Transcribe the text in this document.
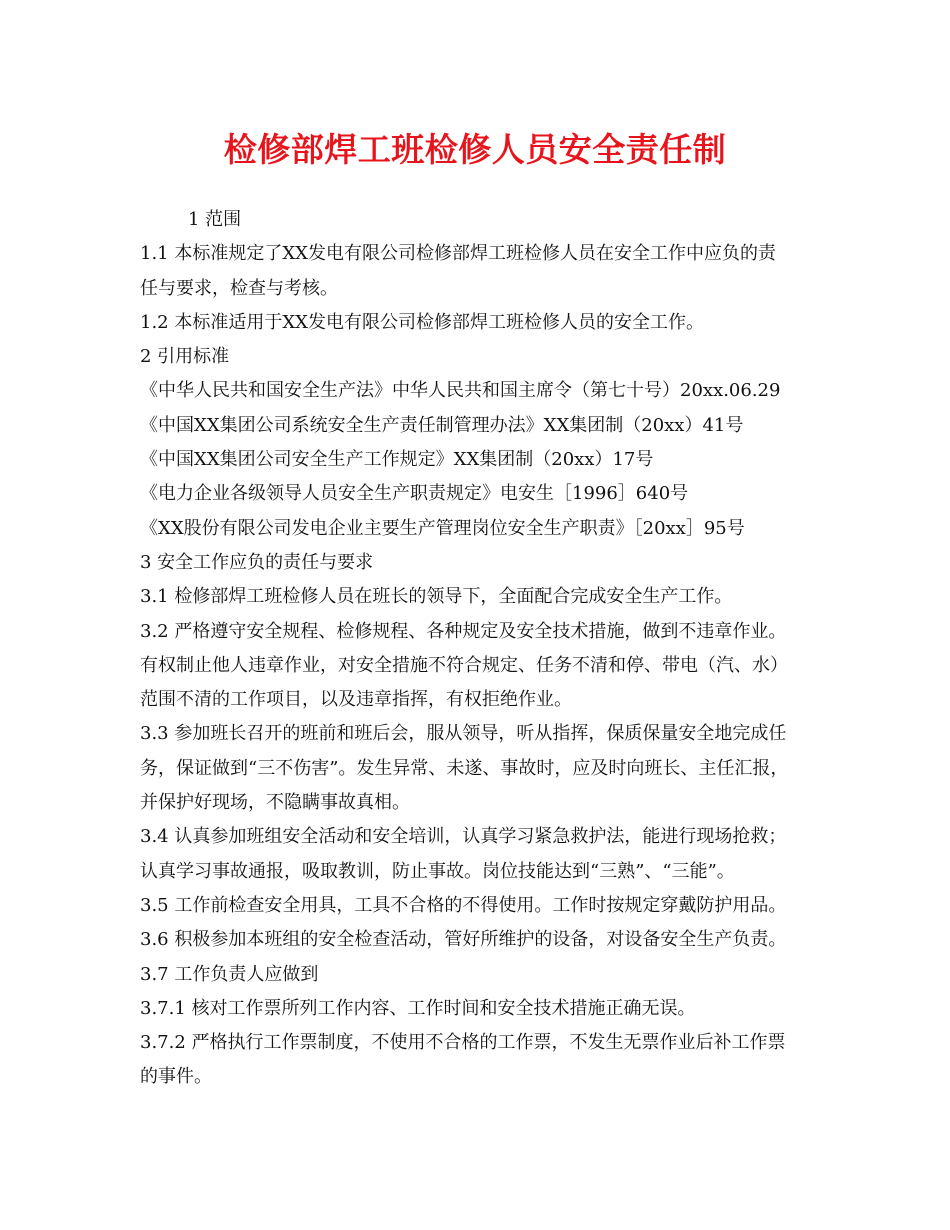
检修部焊工班检修人员安全责任制

1 范围

1.1 本标准规定了XX发电有限公司检修部焊工班检修人员在安全工作中应负的责

任与要求，检查与考核。

1.2 本标准适用于XX发电有限公司检修部焊工班检修人员的安全工作。

2 引用标准

《中华人民共和国安全生产法》中华人民共和国主席令（第七十号）20xx.06.29

《中国XX集团公司系统安全生产责任制管理办法》XX集团制（20xx）41号

《中国XX集团公司安全生产工作规定》XX集团制（20xx）17号

《电力企业各级领导人员安全生产职责规定》电安生［1996］640号

《XX股份有限公司发电企业主要生产管理岗位安全生产职责》［20xx］95号

3 安全工作应负的责任与要求

3.1 检修部焊工班检修人员在班长的领导下，全面配合完成安全生产工作。

3.2 严格遵守安全规程、检修规程、各种规定及安全技术措施，做到不违章作业。

有权制止他人违章作业，对安全措施不符合规定、任务不清和停、带电（汽、水）

范围不清的工作项目，以及违章指挥，有权拒绝作业。

3.3 参加班长召开的班前和班后会，服从领导，听从指挥，保质保量安全地完成任

务，保证做到“三不伤害”。发生异常、未遂、事故时，应及时向班长、主任汇报，

并保护好现场，不隐瞒事故真相。

3.4 认真参加班组安全活动和安全培训，认真学习紧急救护法，能进行现场抢救；

认真学习事故通报，吸取教训，防止事故。岗位技能达到“三熟”、“三能”。

3.5 工作前检查安全用具，工具不合格的不得使用。工作时按规定穿戴防护用品。

3.6 积极参加本班组的安全检查活动，管好所维护的设备，对设备安全生产负责。

3.7 工作负责人应做到

3.7.1 核对工作票所列工作内容、工作时间和安全技术措施正确无误。

3.7.2 严格执行工作票制度，不使用不合格的工作票，不发生无票作业后补工作票

的事件。
